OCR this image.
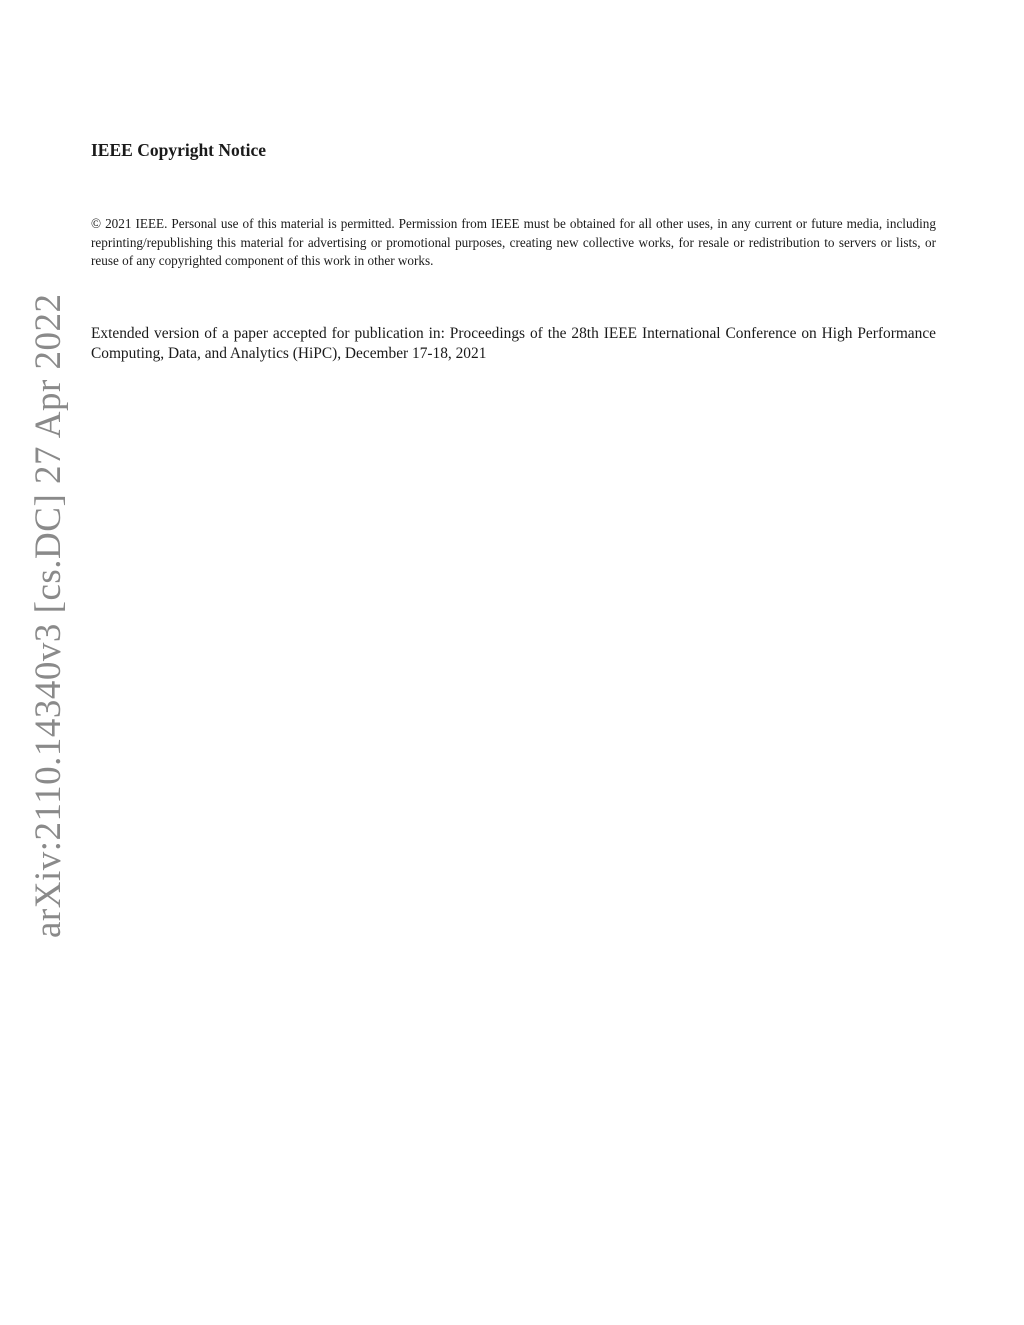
arXiv:2110.14340v3 [cs.DC] 27 Apr 2022
IEEE Copyright Notice

© 2021 IEEE. Personal use of this material is permitted. Permission from IEEE must be obtained for all other uses, in any current or future media, including reprinting/republishing this material for advertising or promotional purposes, creating new collective works, for resale or redistribution to servers or lists, or reuse of any copyrighted component of this work in other works.

Extended version of a paper accepted for publication in: Proceedings of the 28th IEEE International Conference on High Performance Computing, Data, and Analytics (HiPC), December 17-18, 2021
